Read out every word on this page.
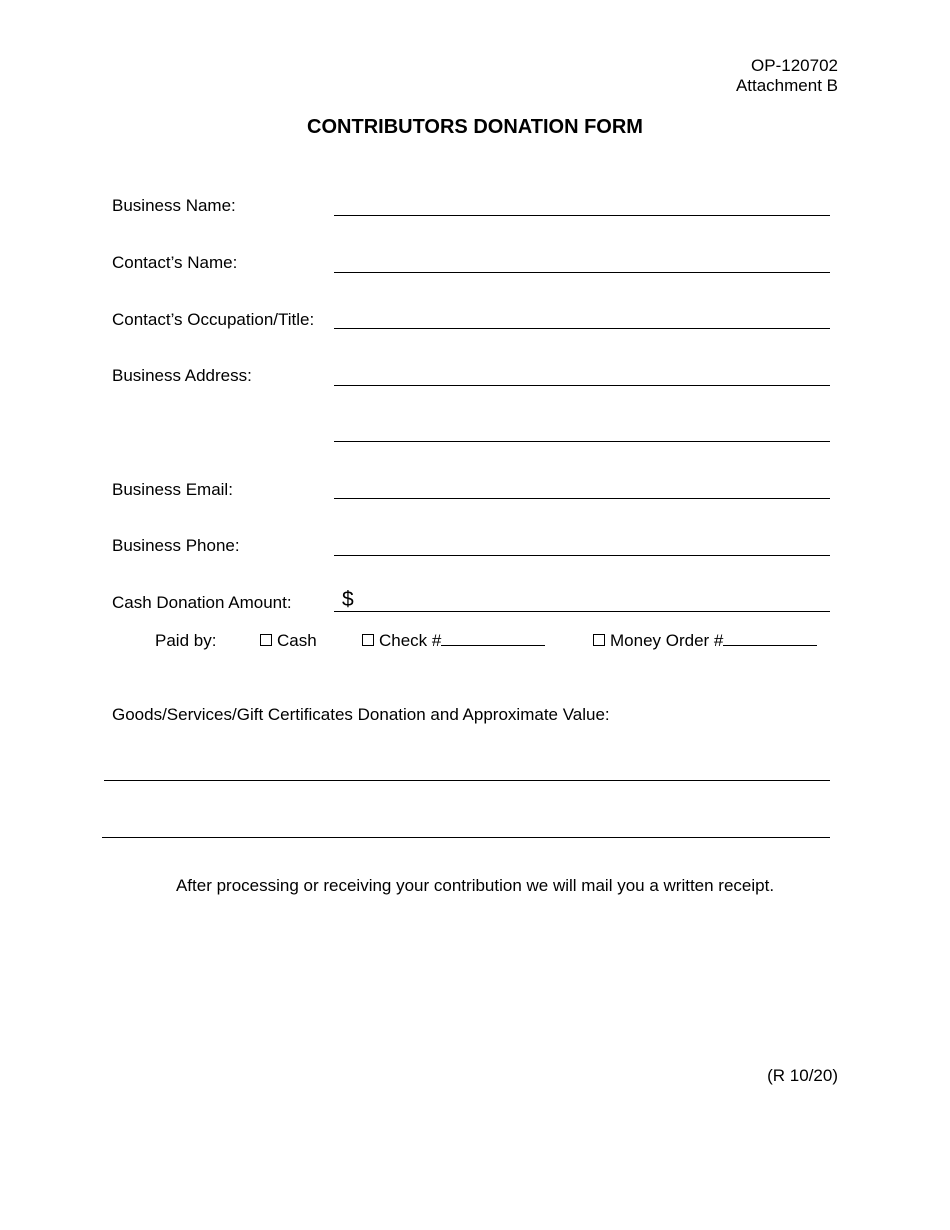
OP-120702
Attachment B
CONTRIBUTORS DONATION FORM
Business Name:
Contact’s Name:
Contact’s Occupation/Title:
Business Address:
Business Email:
Business Phone:
Cash Donation Amount: $
Paid by:	Cash	Check #	Money Order #
Goods/Services/Gift Certificates Donation and Approximate Value:
After processing or receiving your contribution we will mail you a written receipt.
(R 10/20)
